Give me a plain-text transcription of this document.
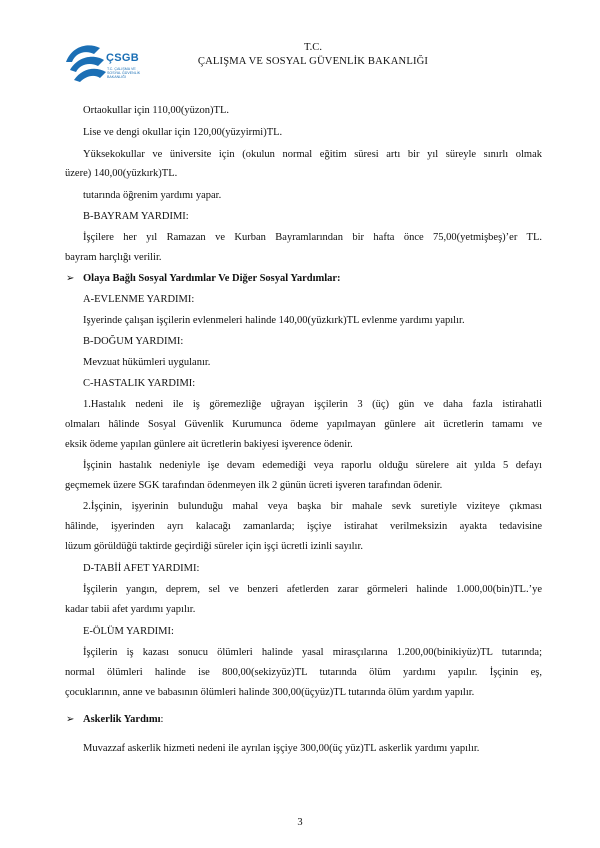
ÇSGB
T.C. ÇALIŞMA VE SOSYAL GÜVENLİK BAKANLIĞI
T.C.
ÇALIŞMA VE SOSYAL GÜVENLİK BAKANLIĞI
Ortaokullar için 110,00(yüzon)TL.
Lise ve dengi okullar için 120,00(yüzyirmi)TL.
Yüksekokullar ve üniversite için (okulun normal eğitim süresi artı bir yıl süreyle sınırlı olmak
üzere) 140,00(yüzkırk)TL.
tutarında öğrenim yardımı yapar.
B-BAYRAM YARDIMI:
İşçilere her yıl Ramazan ve Kurban Bayramlarından bir hafta önce 75,00(yetmişbeş)’er TL.
bayram harçlığı verilir.
➢ Olaya Bağlı Sosyal Yardımlar Ve Diğer Sosyal Yardımlar:
A-EVLENME YARDIMI:
Işyerinde çalışan işçilerin evlenmeleri halinde 140,00(yüzkırk)TL evlenme yardımı yapılır.
B-DOĞUM YARDIMI:
Mevzuat hükümleri uygulanır.
C-HASTALIK YARDIMI:
1.Hastalık nedeni ile iş göremezliğe uğrayan işçilerin 3 (üç) gün ve daha fazla istirahatli
olmaları hâlinde Sosyal Güvenlik Kurumunca ödeme yapılmayan günlere ait ücretlerin tamamı ve
eksik ödeme yapılan günlere ait ücretlerin bakiyesi işverence ödenir.
İşçinin hastalık nedeniyle işe devam edemediği veya raporlu olduğu sürelere ait yılda 5 defayı
geçmemek üzere SGK tarafından ödenmeyen ilk 2 günün ücreti işveren tarafından ödenir.
2.İşçinin, işyerinin bulunduğu mahal veya başka bir mahale sevk suretiyle viziteye çıkması
hâlinde, işyerinden ayrı kalacağı zamanlarda; işçiye istirahat verilmeksizin ayakta tedavisine
lüzum görüldüğü taktirde geçirdiği süreler için işçi ücretli izinli sayılır.
D-TABİİ AFET YARDIMI:
İşçilerin yangın, deprem, sel ve benzeri afetlerden zarar görmeleri halinde 1.000,00(bin)TL.’ye
kadar tabii afet yardımı yapılır.
E-ÖLÜM YARDIMI:
İşçilerin iş kazası sonucu ölümleri halinde yasal mirasçılarına 1.200,00(binikiyüz)TL tutarında;
normal ölümleri halinde ise 800,00(sekizyüz)TL tutarında ölüm yardımı yapılır. İşçinin eş,
çocuklarının, anne ve babasının ölümleri halinde 300,00(üçyüz)TL tutarında ölüm yardım yapılır.
➢ Askerlik Yardımı:
Muvazzaf askerlik hizmeti nedeni ile ayrılan işçiye 300,00(üç yüz)TL askerlik yardımı yapılır.
3
